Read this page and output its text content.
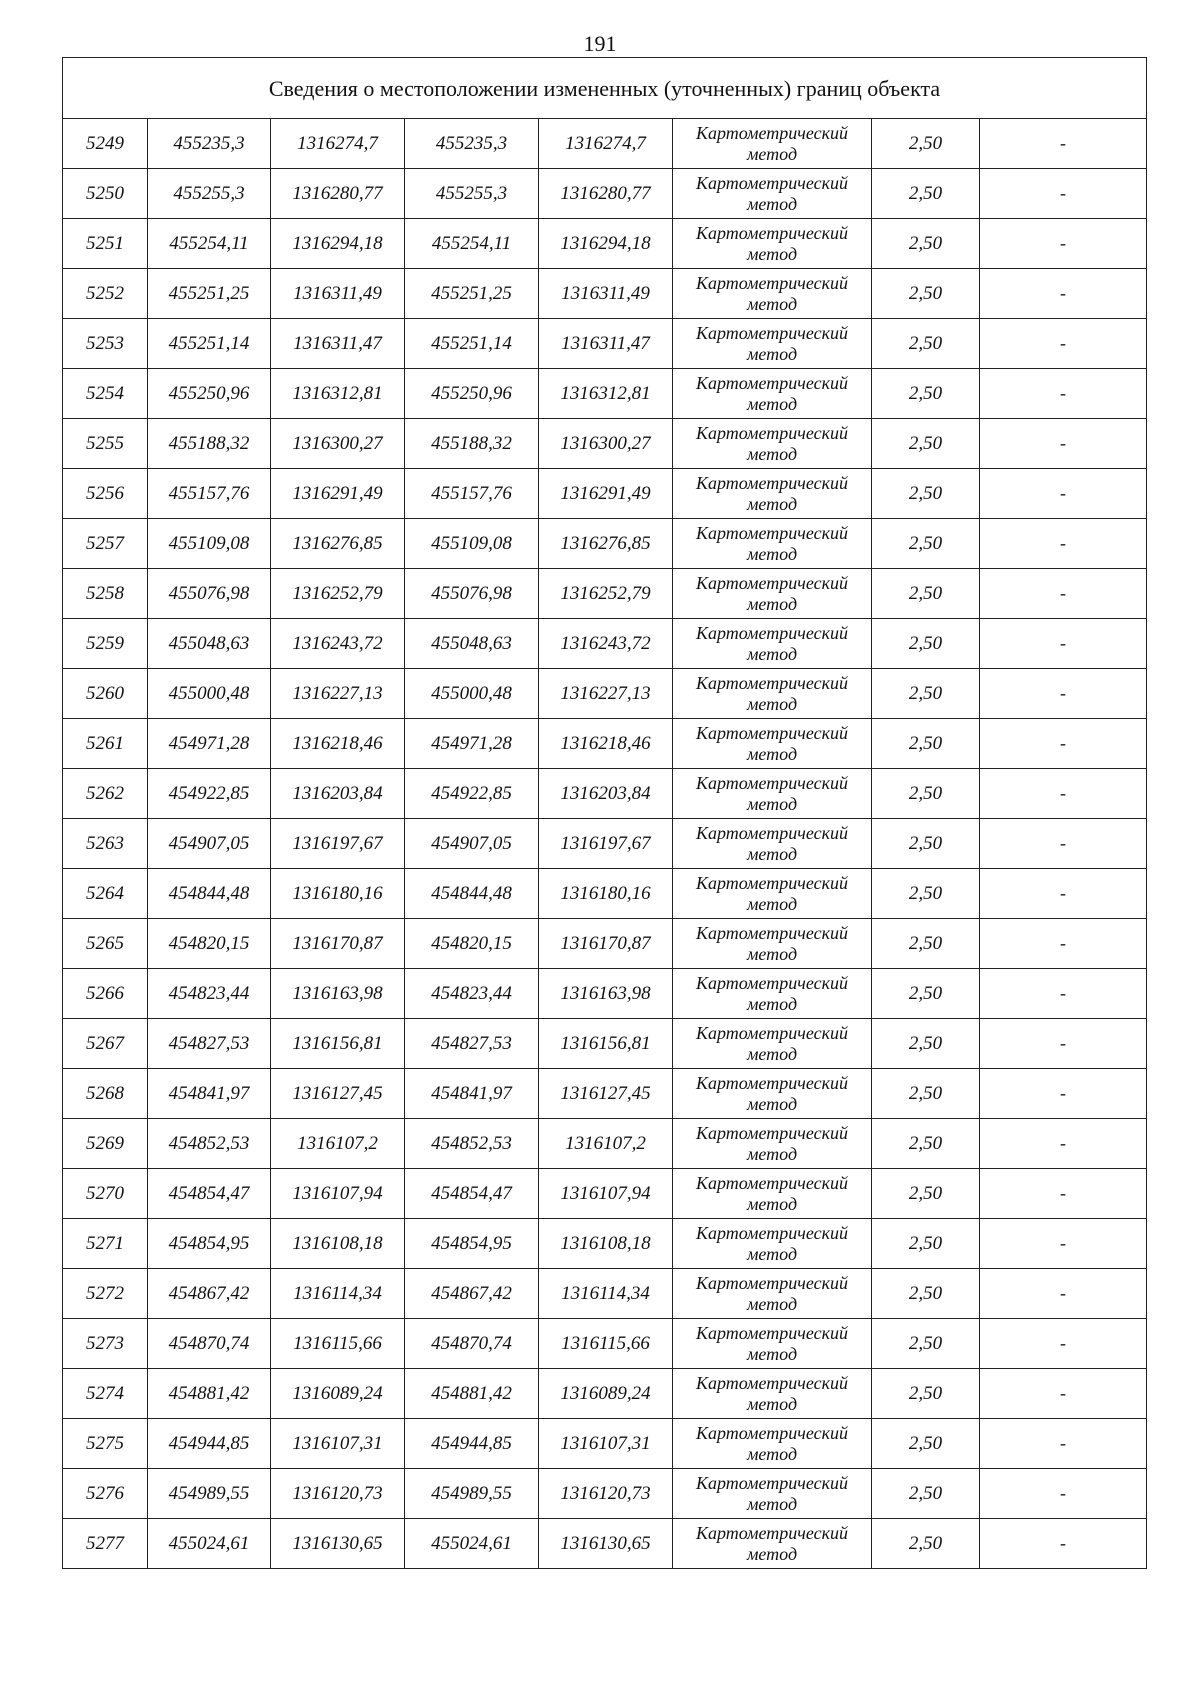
191
Сведения о местоположении измененных (уточненных) границ объекта							
5249	455235,3	1316274,7	455235,3	1316274,7	Картометрический метод	2,50	-
5250	455255,3	1316280,77	455255,3	1316280,77	Картометрический метод	2,50	-
5251	455254,11	1316294,18	455254,11	1316294,18	Картометрический метод	2,50	-
5252	455251,25	1316311,49	455251,25	1316311,49	Картометрический метод	2,50	-
5253	455251,14	1316311,47	455251,14	1316311,47	Картометрический метод	2,50	-
5254	455250,96	1316312,81	455250,96	1316312,81	Картометрический метод	2,50	-
5255	455188,32	1316300,27	455188,32	1316300,27	Картометрический метод	2,50	-
5256	455157,76	1316291,49	455157,76	1316291,49	Картометрический метод	2,50	-
5257	455109,08	1316276,85	455109,08	1316276,85	Картометрический метод	2,50	-
5258	455076,98	1316252,79	455076,98	1316252,79	Картометрический метод	2,50	-
5259	455048,63	1316243,72	455048,63	1316243,72	Картометрический метод	2,50	-
5260	455000,48	1316227,13	455000,48	1316227,13	Картометрический метод	2,50	-
5261	454971,28	1316218,46	454971,28	1316218,46	Картометрический метод	2,50	-
5262	454922,85	1316203,84	454922,85	1316203,84	Картометрический метод	2,50	-
5263	454907,05	1316197,67	454907,05	1316197,67	Картометрический метод	2,50	-
5264	454844,48	1316180,16	454844,48	1316180,16	Картометрический метод	2,50	-
5265	454820,15	1316170,87	454820,15	1316170,87	Картометрический метод	2,50	-
5266	454823,44	1316163,98	454823,44	1316163,98	Картометрический метод	2,50	-
5267	454827,53	1316156,81	454827,53	1316156,81	Картометрический метод	2,50	-
5268	454841,97	1316127,45	454841,97	1316127,45	Картометрический метод	2,50	-
5269	454852,53	1316107,2	454852,53	1316107,2	Картометрический метод	2,50	-
5270	454854,47	1316107,94	454854,47	1316107,94	Картометрический метод	2,50	-
5271	454854,95	1316108,18	454854,95	1316108,18	Картометрический метод	2,50	-
5272	454867,42	1316114,34	454867,42	1316114,34	Картометрический метод	2,50	-
5273	454870,74	1316115,66	454870,74	1316115,66	Картометрический метод	2,50	-
5274	454881,42	1316089,24	454881,42	1316089,24	Картометрический метод	2,50	-
5275	454944,85	1316107,31	454944,85	1316107,31	Картометрический метод	2,50	-
5276	454989,55	1316120,73	454989,55	1316120,73	Картометрический метод	2,50	-
5277	455024,61	1316130,65	455024,61	1316130,65	Картометрический метод	2,50	-
